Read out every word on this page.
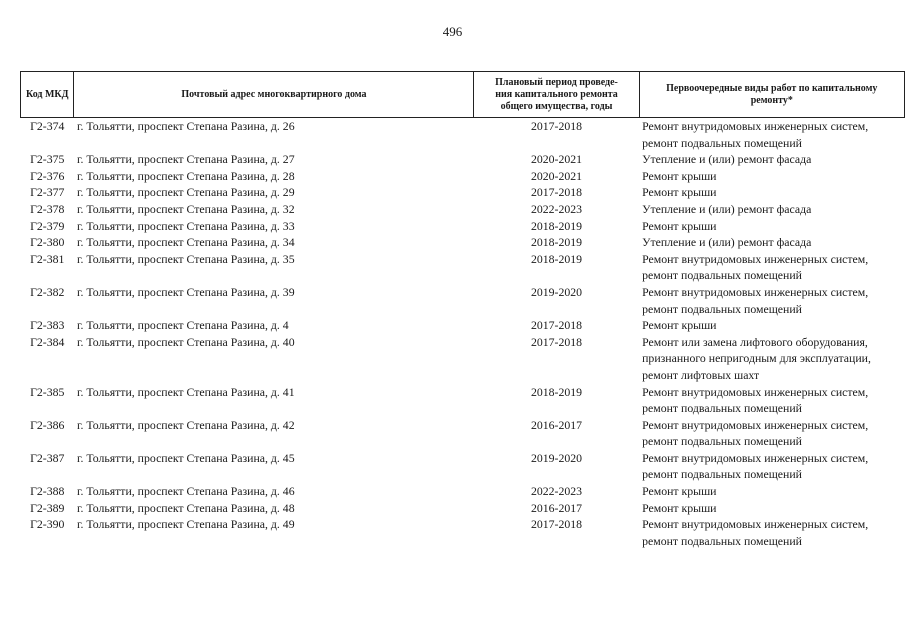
496
Код МКД	Почтовый адрес многоквартирного дома	Плановый период проведе-
ния капитального ремонта
общего имущества, годы	Первоочередные виды работ по капитальному
ремонту*

Г2-374	г. Тольятти, проспект Степана Разина, д. 26	2017-2018	Ремонт внутридомовых инженерных систем,
ремонт подвальных помещений

Г2-375	г. Тольятти, проспект Степана Разина, д. 27	2020-2021	Утепление и (или) ремонт фасада

Г2-376	г. Тольятти, проспект Степана Разина, д. 28	2020-2021	Ремонт крыши

Г2-377	г. Тольятти, проспект Степана Разина, д. 29	2017-2018	Ремонт крыши

Г2-378	г. Тольятти, проспект Степана Разина, д. 32	2022-2023	Утепление и (или) ремонт фасада

Г2-379	г. Тольятти, проспект Степана Разина, д. 33	2018-2019	Ремонт крыши

Г2-380	г. Тольятти, проспект Степана Разина, д. 34	2018-2019	Утепление и (или) ремонт фасада

Г2-381	г. Тольятти, проспект Степана Разина, д. 35	2018-2019	Ремонт внутридомовых инженерных систем,
ремонт подвальных помещений

Г2-382	г. Тольятти, проспект Степана Разина, д. 39	2019-2020	Ремонт внутридомовых инженерных систем,
ремонт подвальных помещений

Г2-383	г. Тольятти, проспект Степана Разина, д. 4	2017-2018	Ремонт крыши

Г2-384	г. Тольятти, проспект Степана Разина, д. 40	2017-2018	Ремонт или замена лифтового оборудования,
признанного непригодным для эксплуатации,
ремонт лифтовых шахт

Г2-385	г. Тольятти, проспект Степана Разина, д. 41	2018-2019	Ремонт внутридомовых инженерных систем,
ремонт подвальных помещений

Г2-386	г. Тольятти, проспект Степана Разина, д. 42	2016-2017	Ремонт внутридомовых инженерных систем,
ремонт подвальных помещений

Г2-387	г. Тольятти, проспект Степана Разина, д. 45	2019-2020	Ремонт внутридомовых инженерных систем,
ремонт подвальных помещений

Г2-388	г. Тольятти, проспект Степана Разина, д. 46	2022-2023	Ремонт крыши

Г2-389	г. Тольятти, проспект Степана Разина, д. 48	2016-2017	Ремонт крыши

Г2-390	г. Тольятти, проспект Степана Разина, д. 49	2017-2018	Ремонт внутридомовых инженерных систем,
ремонт подвальных помещений
